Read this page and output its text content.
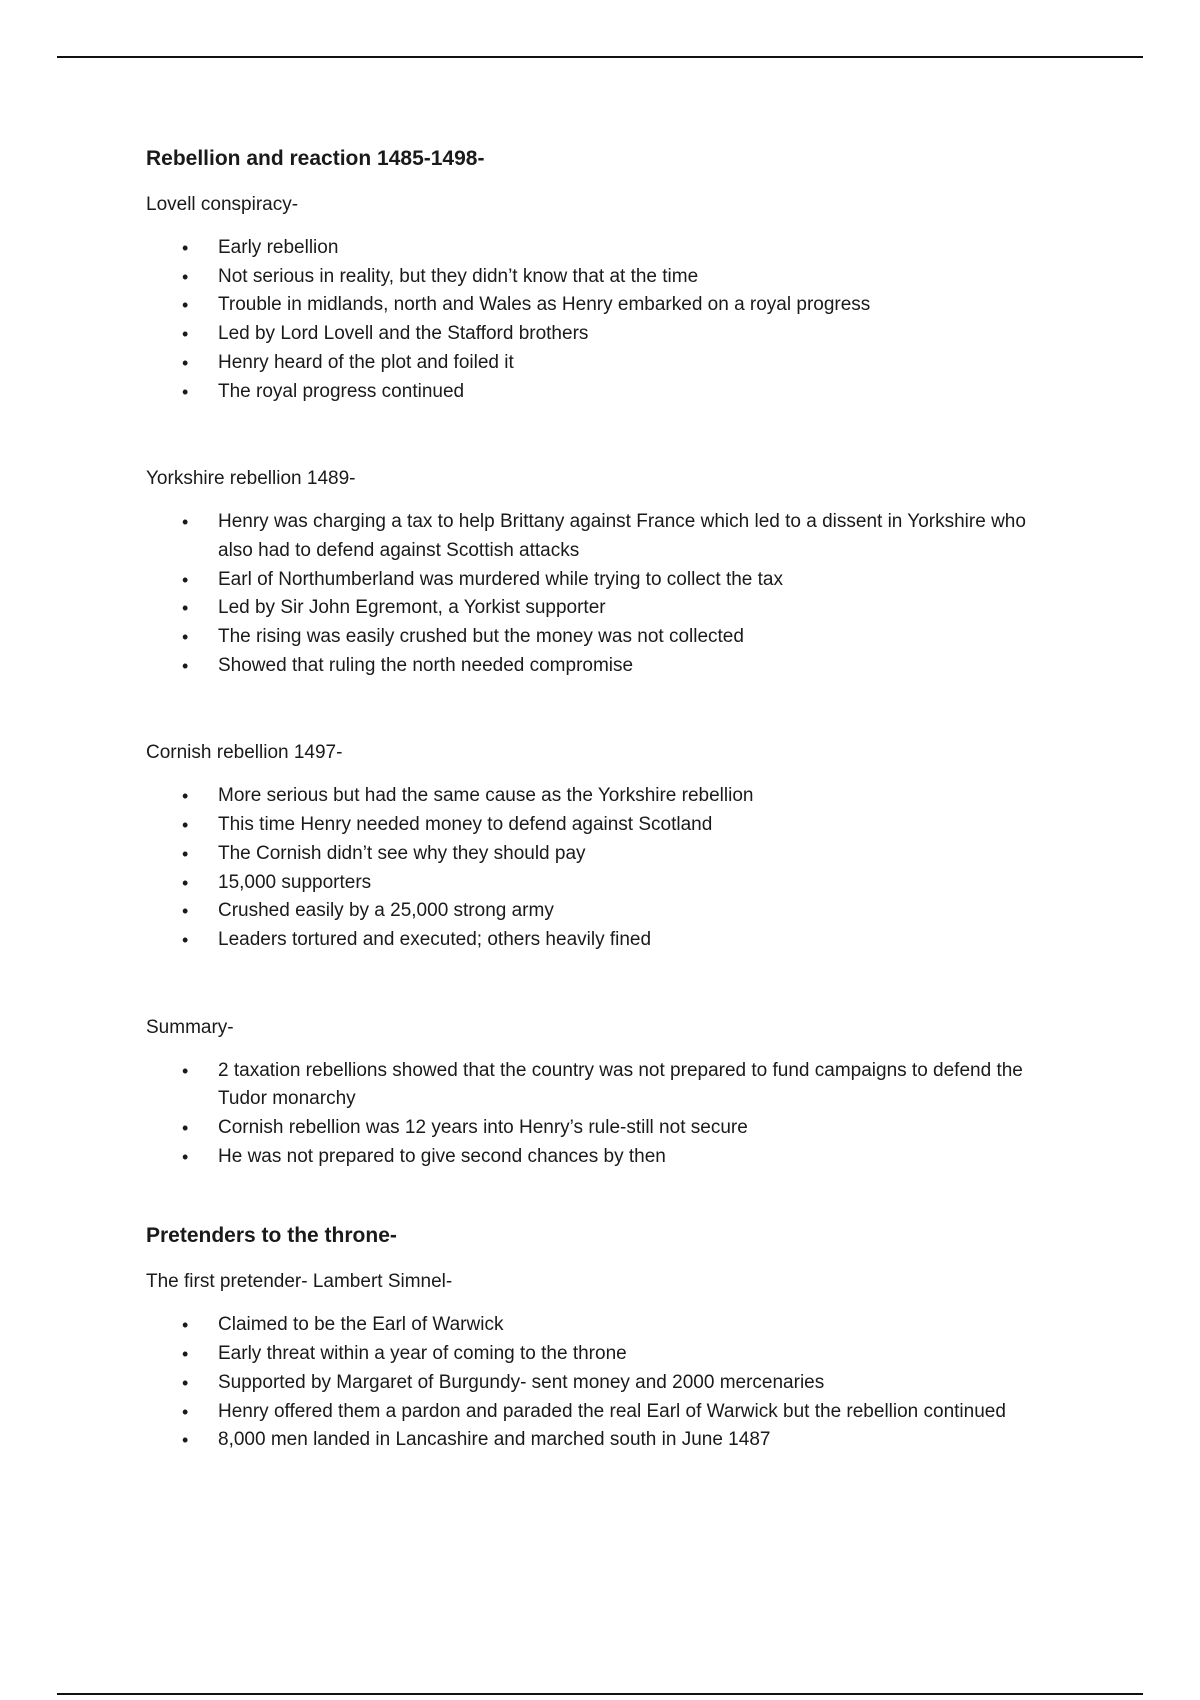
Rebellion and reaction 1485-1498-
Lovell conspiracy-
• Early rebellion
• Not serious in reality, but they didn’t know that at the time
• Trouble in midlands, north and Wales as Henry embarked on a royal progress
• Led by Lord Lovell and the Stafford brothers
• Henry heard of the plot and foiled it
• The royal progress continued
Yorkshire rebellion 1489-
• Henry was charging a tax to help Brittany against France which led to a dissent in Yorkshire who also had to defend against Scottish attacks
• Earl of Northumberland was murdered while trying to collect the tax
• Led by Sir John Egremont, a Yorkist supporter
• The rising was easily crushed but the money was not collected
• Showed that ruling the north needed compromise
Cornish rebellion 1497-
• More serious but had the same cause as the Yorkshire rebellion
• This time Henry needed money to defend against Scotland
• The Cornish didn’t see why they should pay
• 15,000 supporters
• Crushed easily by a 25,000 strong army
• Leaders tortured and executed; others heavily fined
Summary-
• 2 taxation rebellions showed that the country was not prepared to fund campaigns to defend the Tudor monarchy
• Cornish rebellion was 12 years into Henry’s rule-still not secure
• He was not prepared to give second chances by then
Pretenders to the throne-
The first pretender- Lambert Simnel-
• Claimed to be the Earl of Warwick
• Early threat within a year of coming to the throne
• Supported by Margaret of Burgundy- sent money and 2000 mercenaries
• Henry offered them a pardon and paraded the real Earl of Warwick but the rebellion continued
• 8,000 men landed in Lancashire and marched south in June 1487
